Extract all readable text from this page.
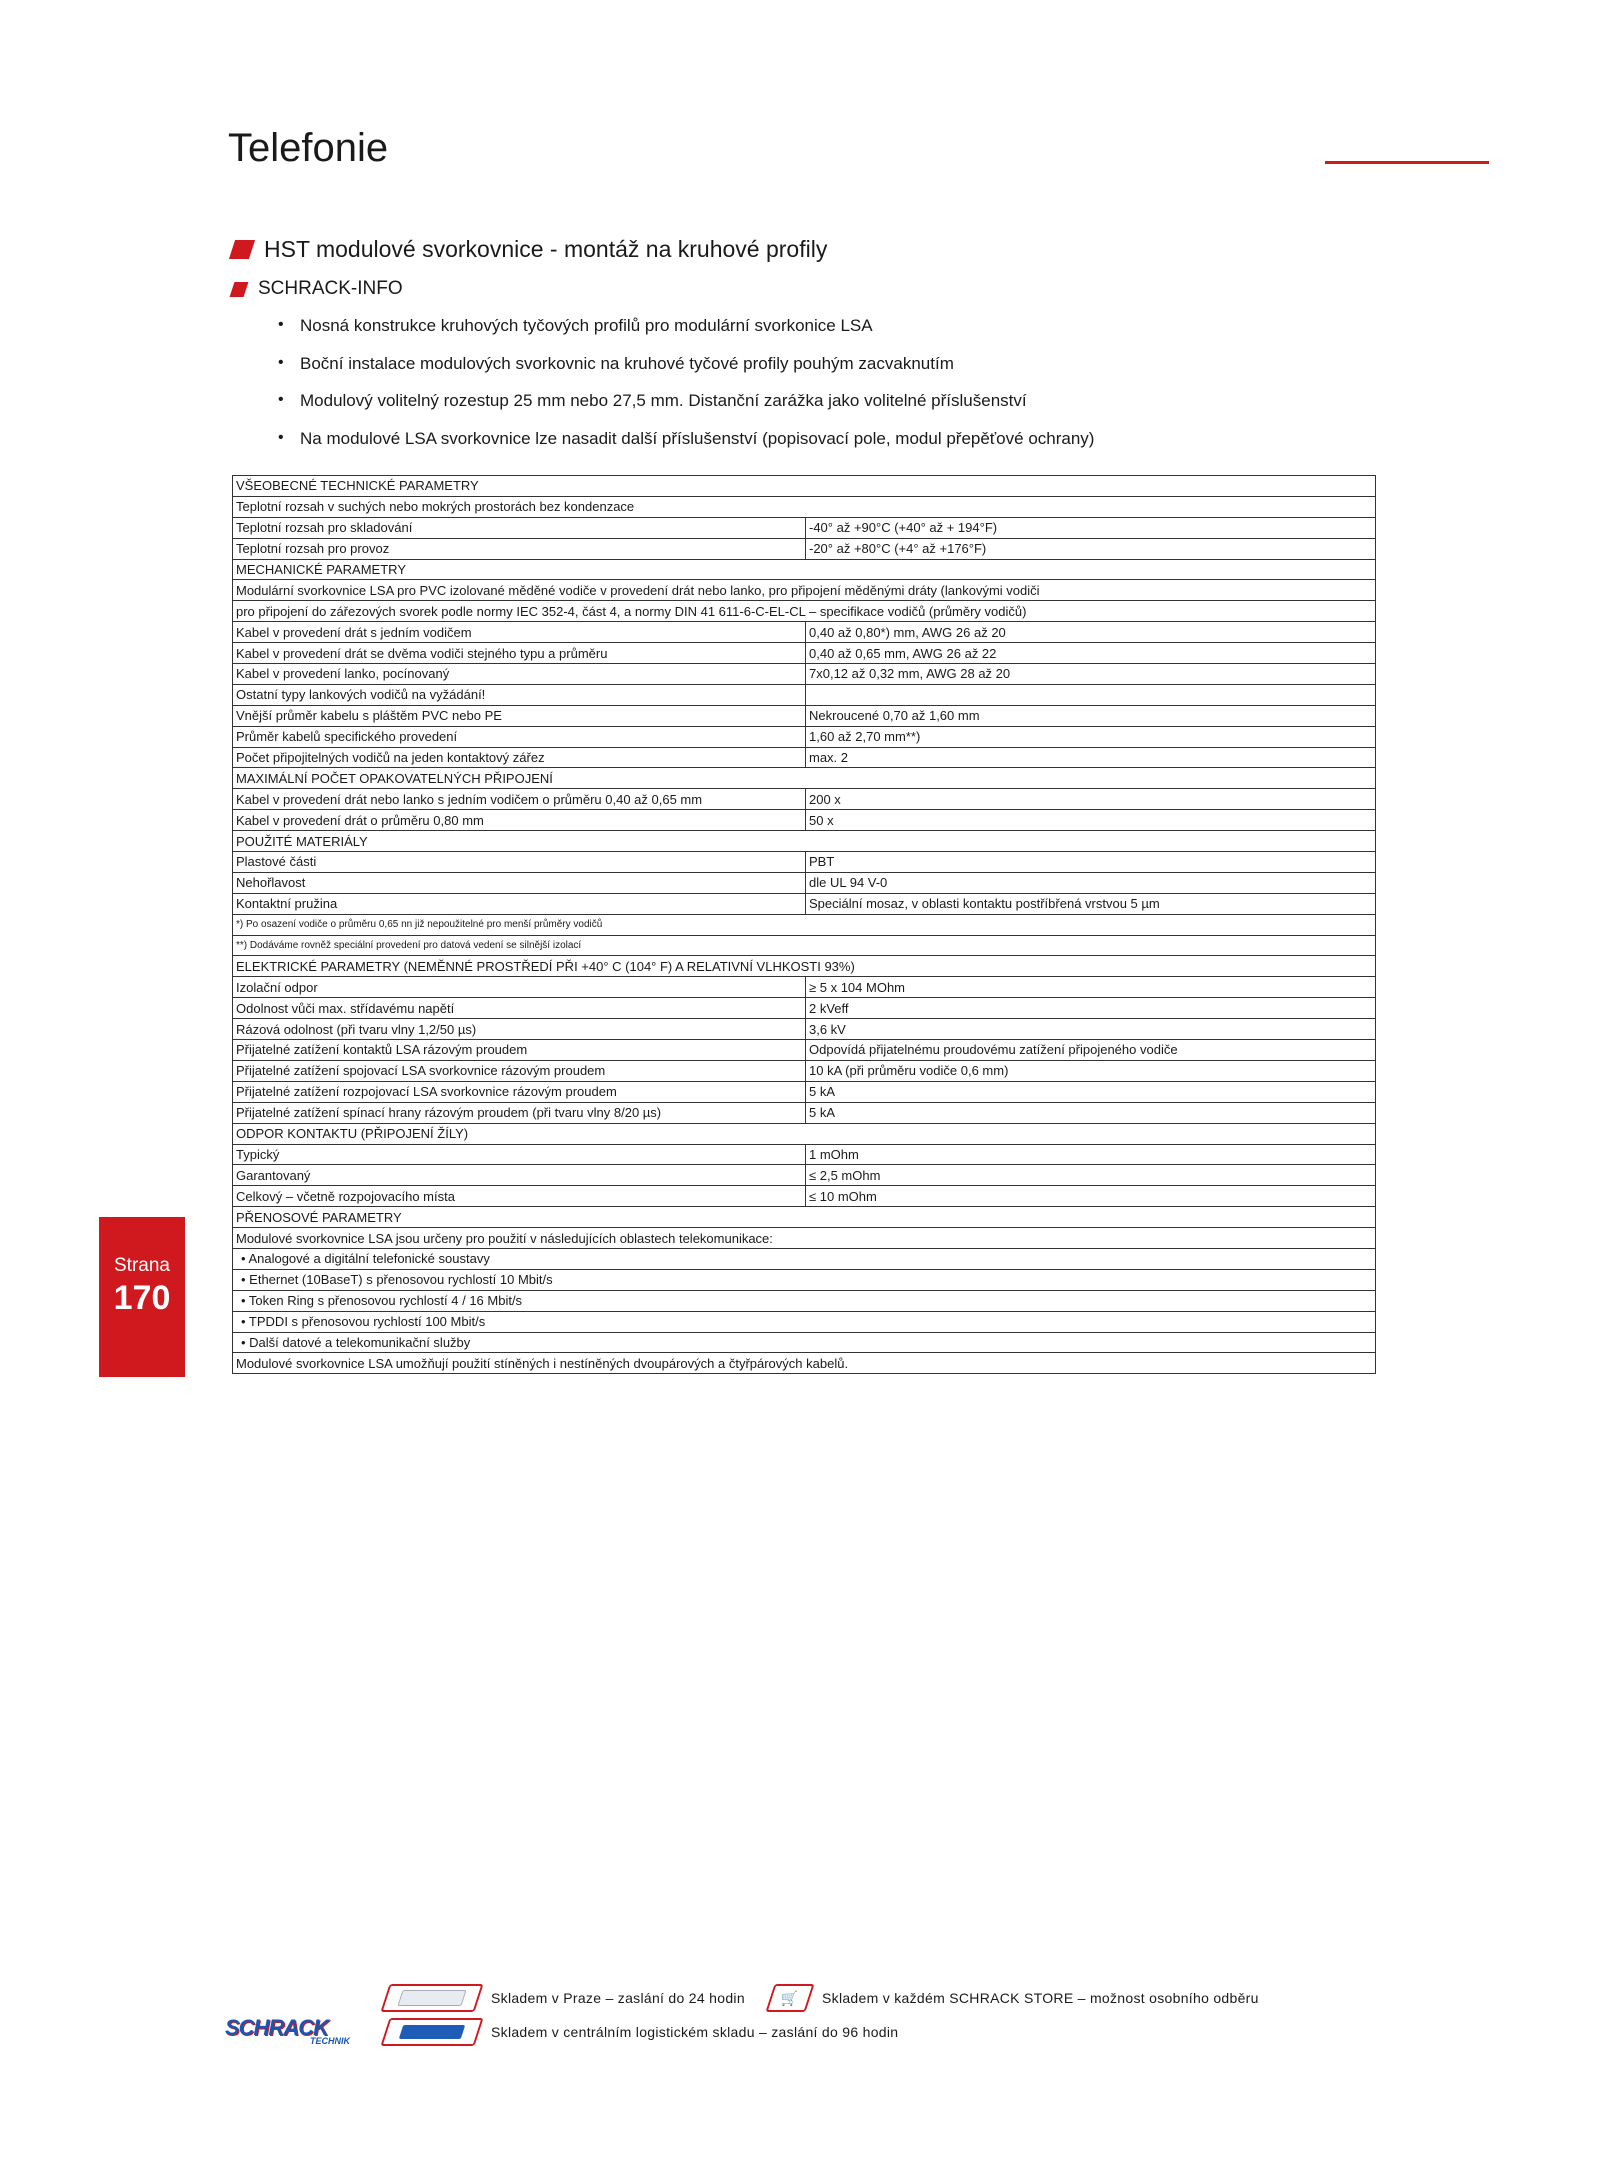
Telefonie
HST modulové svorkovnice - montáž na kruhové profily
SCHRACK-INFO
• Nosná konstrukce kruhových tyčových profilů pro modulární svorkonice LSA
• Boční instalace modulových svorkovnic na kruhové tyčové profily pouhým zacvaknutím
• Modulový volitelný rozestup 25 mm nebo 27,5 mm. Distanční zarážka jako volitelné příslušenství
• Na modulové LSA svorkovnice lze nasadit další příslušenství (popisovací pole, modul přepěťové ochrany)
VŠEOBECNÉ TECHNICKÉ PARAMETRY	
Teplotní rozsah v suchých nebo mokrých prostorách bez kondenzace	
Teplotní rozsah pro skladování	-40° až +90°C (+40° až + 194°F)
Teplotní rozsah pro provoz	-20° až +80°C (+4° až +176°F)
MECHANICKÉ PARAMETRY	
Modulární svorkovnice LSA pro PVC izolované měděné vodiče v provedení drát nebo lanko, pro připojení měděnými dráty (lankovými vodiči	
pro připojení do zářezových svorek podle normy IEC 352-4, část 4, a normy DIN 41 611-6-C-EL-CL – specifikace vodičů (průměry vodičů)	
Kabel v provedení drát s jedním vodičem	0,40 až 0,80*) mm, AWG 26 až 20
Kabel v provedení drát se dvěma vodiči stejného typu a průměru	0,40 až 0,65 mm, AWG 26 až 22
Kabel v provedení lanko, pocínovaný	7x0,12 až 0,32 mm, AWG 28 až 20
Ostatní typy lankových vodičů na vyžádání!	
Vnější průměr kabelu s pláštěm PVC nebo PE	Nekroucené 0,70 až 1,60 mm
Průměr kabelů specifického provedení	1,60 až 2,70 mm**)
Počet připojitelných vodičů na jeden kontaktový zářez	max. 2
MAXIMÁLNÍ POČET OPAKOVATELNÝCH PŘIPOJENÍ	
Kabel v provedení drát nebo lanko s jedním vodičem o průměru 0,40 až 0,65 mm	200 x
Kabel v provedení drát o průměru 0,80 mm	50 x
POUŽITÉ MATERIÁLY	
Plastové části	PBT
Nehořlavost	dle UL 94 V-0
Kontaktní pružina	Speciální mosaz, v oblasti kontaktu postříbřená vrstvou 5 µm
*) Po osazení vodiče o průměru 0,65 nn již nepoužitelné pro menší průměry vodičů	
**) Dodáváme rovněž speciální provedení pro datová vedení se silnější izolací	
ELEKTRICKÉ PARAMETRY (NEMĚNNÉ PROSTŘEDÍ PŘI +40° C (104° F) A RELATIVNÍ VLHKOSTI 93%)	
Izolační odpor	≥ 5 x 104 MOhm
Odolnost vůči max. střídavému napětí	2 kVeff
Rázová odolnost (při tvaru vlny 1,2/50 µs)	3,6 kV
Přijatelné zatížení kontaktů LSA rázovým proudem	Odpovídá přijatelnému proudovému zatížení připojeného vodiče
Přijatelné zatížení spojovací LSA svorkovnice rázovým proudem	10 kA (při průměru vodiče 0,6 mm)
Přijatelné zatížení rozpojovací LSA svorkovnice rázovým proudem	5 kA
Přijatelné zatížení spínací hrany rázovým proudem (při tvaru vlny 8/20 µs)	5 kA
ODPOR KONTAKTU (PŘIPOJENÍ ŽÍLY)	
Typický	1 mOhm
Garantovaný	≤ 2,5 mOhm
Celkový – včetně rozpojovacího místa	≤ 10 mOhm
PŘENOSOVÉ PARAMETRY	
Modulové svorkovnice LSA jsou určeny pro použití v následujících oblastech telekomunikace:	
• Analogové a digitální telefonické soustavy	
• Ethernet (10BaseT) s přenosovou rychlostí 10 Mbit/s	
• Token Ring s přenosovou rychlostí 4 / 16 Mbit/s	
• TPDDI s přenosovou rychlostí 100 Mbit/s	
• Další datové a telekomunikační služby	
Modulové svorkovnice LSA umožňují použití stíněných i nestíněných dvoupárových a čtyřpárových kabelů.	
Strana
170
Skladem v Praze – zaslání do 24 hodin	🛒 Skladem v každém SCHRACK STORE – možnost osobního odběru
Skladem v centrálním logistickém skladu – zaslání do 96 hodin
SCHRACK
TECHNIK
